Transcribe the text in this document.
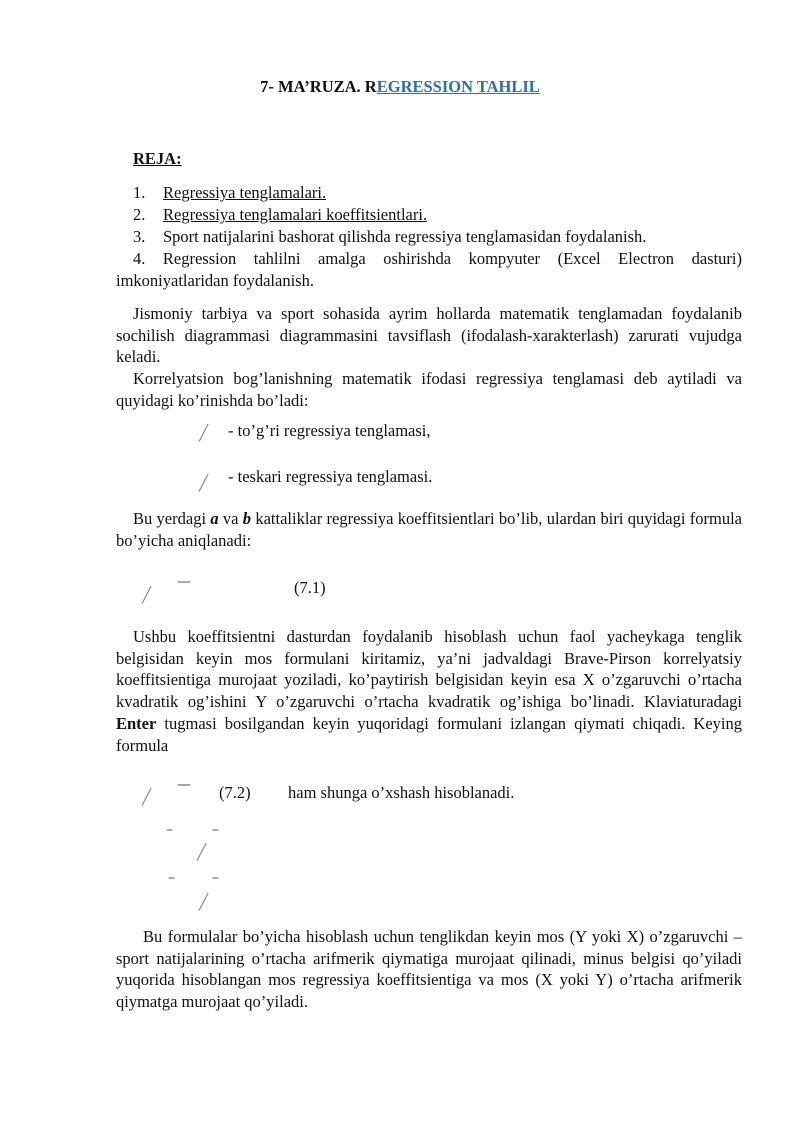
7- MA’RUZA. REGRESSION TAHLIL
REJA:
1. Regressiya tenglamalari.
2. Regressiya tenglamalari koeffitsientlari.
3. Sport natijalarini bashorat qilishda regressiya tenglamasidan foydalanish.

4. Regression tahlilni amalga oshirishda kompyuter (Excel Electron dasturi) imkoniyatlaridan foydalanish.

Jismoniy tarbiya va sport sohasida ayrim hollarda matematik tenglamadan foydalanib sochilish diagrammasi diagrammasini tavsiflash (ifodalash-xarakterlash) zarurati vujudga keladi.

Korrelyatsion bog’lanishning matematik ifodasi regressiya tenglamasi deb aytiladi va quyidagi ko’rinishda bo’ladi:

╱ - to’g’ri regressiya tenglamasi,
╱ - teskari regressiya tenglamasi.

Bu yerdagi a va b kattaliklar regressiya koeffitsientlari bo’lib, ulardan biri quyidagi formula bo’yicha aniqlanadi:

╱
—	(7.1)

Ushbu koeffitsientni dasturdan foydalanib hisoblash uchun faol yacheykaga tenglik belgisidan keyin mos formulani kiritamiz, ya’ni jadvaldagi Brave-Pirson korrelyatsiy koeffitsientiga murojaat yoziladi, ko’paytirish belgisidan keyin esa X o’zgaruvchi o’rtacha kvadratik og’ishini Y o’zgaruvchi o’rtacha kvadratik og’ishiga bo’linadi. Klaviaturadagi Enter tugmasi bosilgandan keyin yuqoridagi formulani izlangan qiymati chiqadi. Keying formula

╱
— (7.2) ham shunga o’xshash hisoblanadi.
–	–
╱
–	–
╱

Bu formulalar bo’yicha hisoblash uchun tenglikdan keyin mos (Y yoki X) o’zgaruvchi – sport natijalarining o’rtacha arifmerik qiymatiga murojaat qilinadi, minus belgisi qo’yiladi yuqorida hisoblangan mos regressiya koeffitsientiga va mos (X yoki Y) o’rtacha arifmerik qiymatga murojaat qo’yiladi.
